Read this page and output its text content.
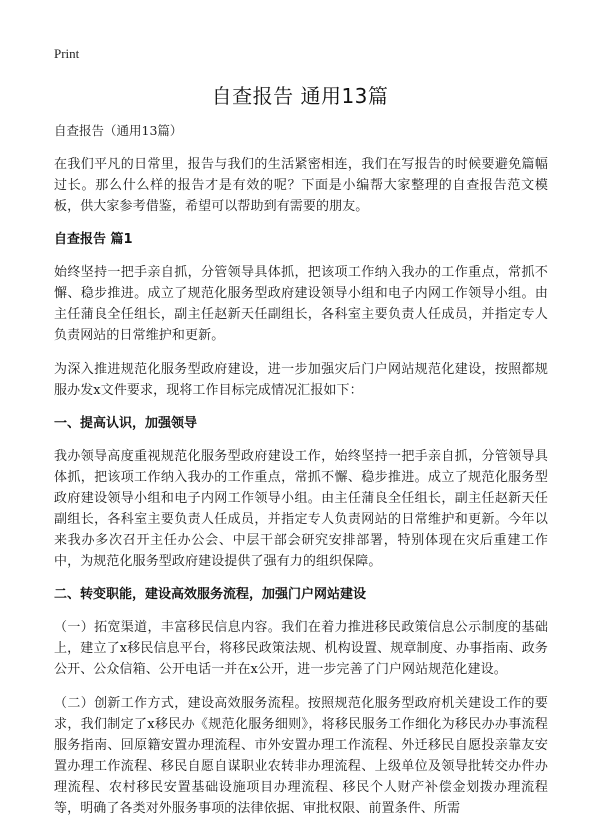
Print
自查报告 通用13篇

自查报告（通用13篇）

在我们平凡的日常里，报告与我们的生活紧密相连，我们在写报告的时候要避免篇幅过长。那么什么样的报告才是有效的呢？下面是小编帮大家整理的自查报告范文模板，供大家参考借鉴，希望可以帮助到有需要的朋友。

自查报告 篇1

始终坚持一把手亲自抓，分管领导具体抓，把该项工作纳入我办的工作重点，常抓不懈、稳步推进。成立了规范化服务型政府建设领导小组和电子内网工作领导小组。由主任蒲良全任组长，副主任赵新天任副组长，各科室主要负责人任成员，并指定专人负责网站的日常维护和更新。

为深入推进规范化服务型政府建设，进一步加强灾后门户网站规范化建设，按照都规服办发x文件要求，现将工作目标完成情况汇报如下：

一、提高认识，加强领导

我办领导高度重视规范化服务型政府建设工作，始终坚持一把手亲自抓，分管领导具体抓，把该项工作纳入我办的工作重点，常抓不懈、稳步推进。成立了规范化服务型政府建设领导小组和电子内网工作领导小组。由主任蒲良全任组长，副主任赵新天任副组长，各科室主要负责人任成员，并指定专人负责网站的日常维护和更新。今年以来我办多次召开主任办公会、中层干部会研究安排部署，特别体现在灾后重建工作中，为规范化服务型政府建设提供了强有力的组织保障。

二、转变职能，建设高效服务流程，加强门户网站建设

（一）拓宽渠道，丰富移民信息内容。我们在着力推进移民政策信息公示制度的基础上，建立了x移民信息平台，将移民政策法规、机构设置、规章制度、办事指南、政务公开、公众信箱、公开电话一并在x公开，进一步完善了门户网站规范化建设。

（二）创新工作方式，建设高效服务流程。按照规范化服务型政府机关建设工作的要求，我们制定了x移民办《规范化服务细则》，将移民服务工作细化为移民办办事流程服务指南、回原籍安置办理流程、市外安置办理工作流程、外迁移民自愿投亲靠友安置办理工作流程、移民自愿自谋职业农转非办理流程、上级单位及领导批转交办件办理流程、农村移民安置基础设施项目办理流程、移民个人财产补偿金划拨办理流程等，明确了各类对外服务事项的法律依据、审批权限、前置条件、所需
